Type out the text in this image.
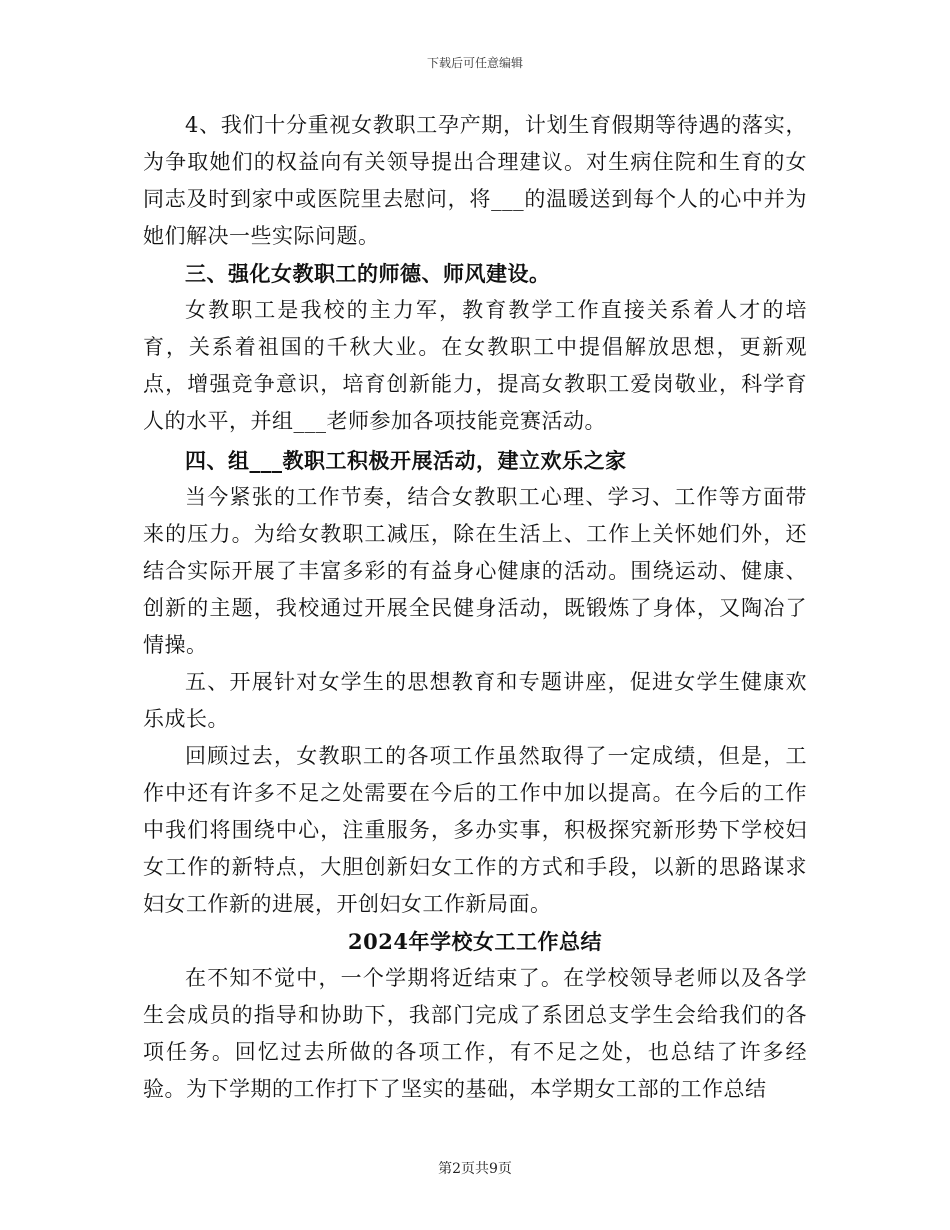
下载后可任意编辑

4、我们十分重视女教职工孕产期，计划生育假期等待遇的落实，为争取她们的权益向有关领导提出合理建议。对生病住院和生育的女同志及时到家中或医院里去慰问，将___的温暖送到每个人的心中并为她们解决一些实际问题。

三、强化女教职工的师德、师风建设。

女教职工是我校的主力军，教育教学工作直接关系着人才的培育，关系着祖国的千秋大业。在女教职工中提倡解放思想，更新观点，增强竞争意识，培育创新能力，提高女教职工爱岗敬业，科学育人的水平，并组___老师参加各项技能竞赛活动。

四、组___教职工积极开展活动，建立欢乐之家

当今紧张的工作节奏，结合女教职工心理、学习、工作等方面带来的压力。为给女教职工减压，除在生活上、工作上关怀她们外，还结合实际开展了丰富多彩的有益身心健康的活动。围绕运动、健康、创新的主题，我校通过开展全民健身活动，既锻炼了身体，又陶冶了情操。

五、开展针对女学生的思想教育和专题讲座，促进女学生健康欢乐成长。

回顾过去，女教职工的各项工作虽然取得了一定成绩，但是，工作中还有许多不足之处需要在今后的工作中加以提高。在今后的工作中我们将围绕中心，注重服务，多办实事，积极探究新形势下学校妇女工作的新特点，大胆创新妇女工作的方式和手段，以新的思路谋求妇女工作新的进展，开创妇女工作新局面。

2024年学校女工工作总结

在不知不觉中，一个学期将近结束了。在学校领导老师以及各学生会成员的指导和协助下，我部门完成了系团总支学生会给我们的各项任务。回忆过去所做的各项工作，有不足之处，也总结了许多经验。为下学期的工作打下了坚实的基础，本学期女工部的工作总结

第2页共9页
